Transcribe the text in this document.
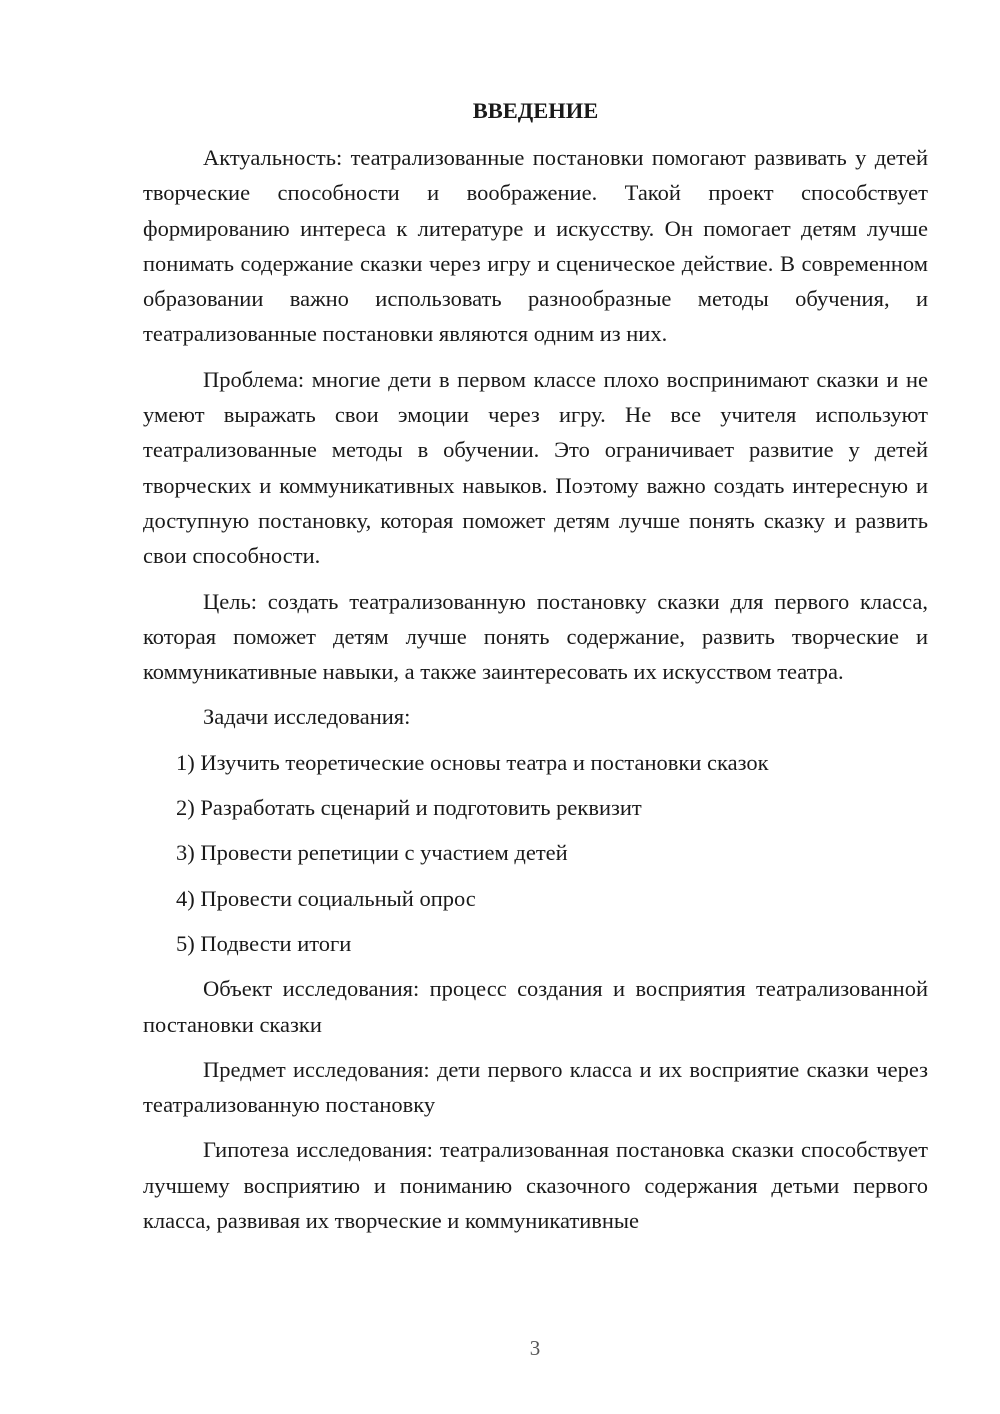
ВВЕДЕНИЕ

Актуальность: театрализованные постановки помогают развивать у детей творческие способности и воображение. Такой проект способствует формированию интереса к литературе и искусству. Он помогает детям лучше понимать содержание сказки через игру и сценическое действие. В современном образовании важно использовать разнообразные методы обучения, и театрализованные постановки являются одним из них.

Проблема: многие дети в первом классе плохо воспринимают сказки и не умеют выражать свои эмоции через игру. Не все учителя используют театрализованные методы в обучении. Это ограничивает развитие у детей творческих и коммуникативных навыков. Поэтому важно создать интересную и доступную постановку, которая поможет детям лучше понять сказку и развить свои способности.

Цель: создать театрализованную постановку сказки для первого класса, которая поможет детям лучше понять содержание, развить творческие и коммуникативные навыки, а также заинтересовать их искусством театра.

Задачи исследования:

1) Изучить теоретические основы театра и постановки сказок
2) Разработать сценарий и подготовить реквизит
3) Провести репетиции с участием детей
4) Провести социальный опрос
5) Подвести итоги

Объект исследования: процесс создания и восприятия театрализованной постановки сказки

Предмет исследования: дети первого класса и их восприятие сказки через театрализованную постановку

Гипотеза исследования: театрализованная постановка сказки способствует лучшему восприятию и пониманию сказочного содержания детьми первого класса, развивая их творческие и коммуникативные

3
